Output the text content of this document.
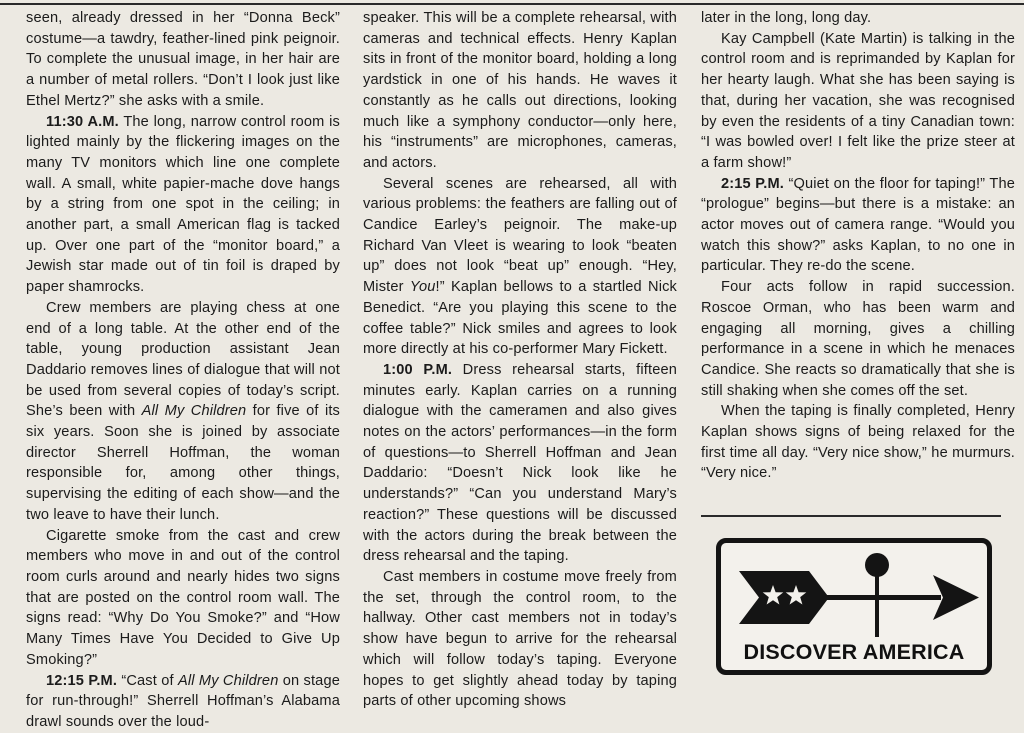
seen, already dressed in her “Donna Beck” costume—a tawdry, feather-lined pink peignoir. To complete the unusual image, in her hair are a number of metal rollers. “Don’t I look just like Ethel Mertz?” she asks with a smile.

11:30 A.M. The long, narrow control room is lighted mainly by the flickering images on the many TV monitors which line one complete wall. A small, white papier-mache dove hangs by a string from one spot in the ceiling; in another part, a small American flag is tacked up. Over one part of the “monitor board,” a Jewish star made out of tin foil is draped by paper shamrocks.

Crew members are playing chess at one end of a long table. At the other end of the table, young production assistant Jean Daddario removes lines of dialogue that will not be used from several copies of today’s script. She’s been with All My Children for five of its six years. Soon she is joined by associate director Sherrell Hoffman, the woman responsible for, among other things, supervising the editing of each show—and the two leave to have their lunch.

Cigarette smoke from the cast and crew members who move in and out of the control room curls around and nearly hides two signs that are posted on the control room wall. The signs read: “Why Do You Smoke?” and “How Many Times Have You Decided to Give Up Smoking?”

12:15 P.M. “Cast of All My Children on stage for run-through!” Sherrell Hoffman’s Alabama drawl sounds over the loud-

speaker. This will be a complete rehearsal, with cameras and technical effects. Henry Kaplan sits in front of the monitor board, holding a long yardstick in one of his hands. He waves it constantly as he calls out directions, looking much like a symphony conductor—only here, his “instruments” are microphones, cameras, and actors.

Several scenes are rehearsed, all with various problems: the feathers are falling out of Candice Earley’s peignoir. The make-up Richard Van Vleet is wearing to look “beaten up” does not look “beat up” enough. “Hey, Mister You!” Kaplan bellows to a startled Nick Benedict. “Are you playing this scene to the coffee table?” Nick smiles and agrees to look more directly at his co-performer Mary Fickett.

1:00 P.M. Dress rehearsal starts, fifteen minutes early. Kaplan carries on a running dialogue with the cameramen and also gives notes on the actors’ performances—in the form of questions—to Sherrell Hoffman and Jean Daddario: “Doesn’t Nick look like he understands?” “Can you understand Mary’s reaction?” These questions will be discussed with the actors during the break between the dress rehearsal and the taping.

Cast members in costume move freely from the set, through the control room, to the hallway. Other cast members not in today’s show have begun to arrive for the rehearsal which will follow today’s taping. Everyone hopes to get slightly ahead today by taping parts of other upcoming shows

later in the long, long day.

Kay Campbell (Kate Martin) is talking in the control room and is reprimanded by Kaplan for her hearty laugh. What she has been saying is that, during her vacation, she was recognised by even the residents of a tiny Canadian town: “I was bowled over! I felt like the prize steer at a farm show!”

2:15 P.M. “Quiet on the floor for taping!” The “prologue” begins—but there is a mistake: an actor moves out of camera range. “Would you watch this show?” asks Kaplan, to no one in particular. They re-do the scene.

Four acts follow in rapid succession. Roscoe Orman, who has been warm and engaging all morning, gives a chilling performance in a scene in which he menaces Candice. She reacts so dramatically that she is still shaking when she comes off the set.

When the taping is finally completed, Henry Kaplan shows signs of being relaxed for the first time all day. “Very nice show,” he murmurs. “Very nice.”

DISCOVER AMERICA
